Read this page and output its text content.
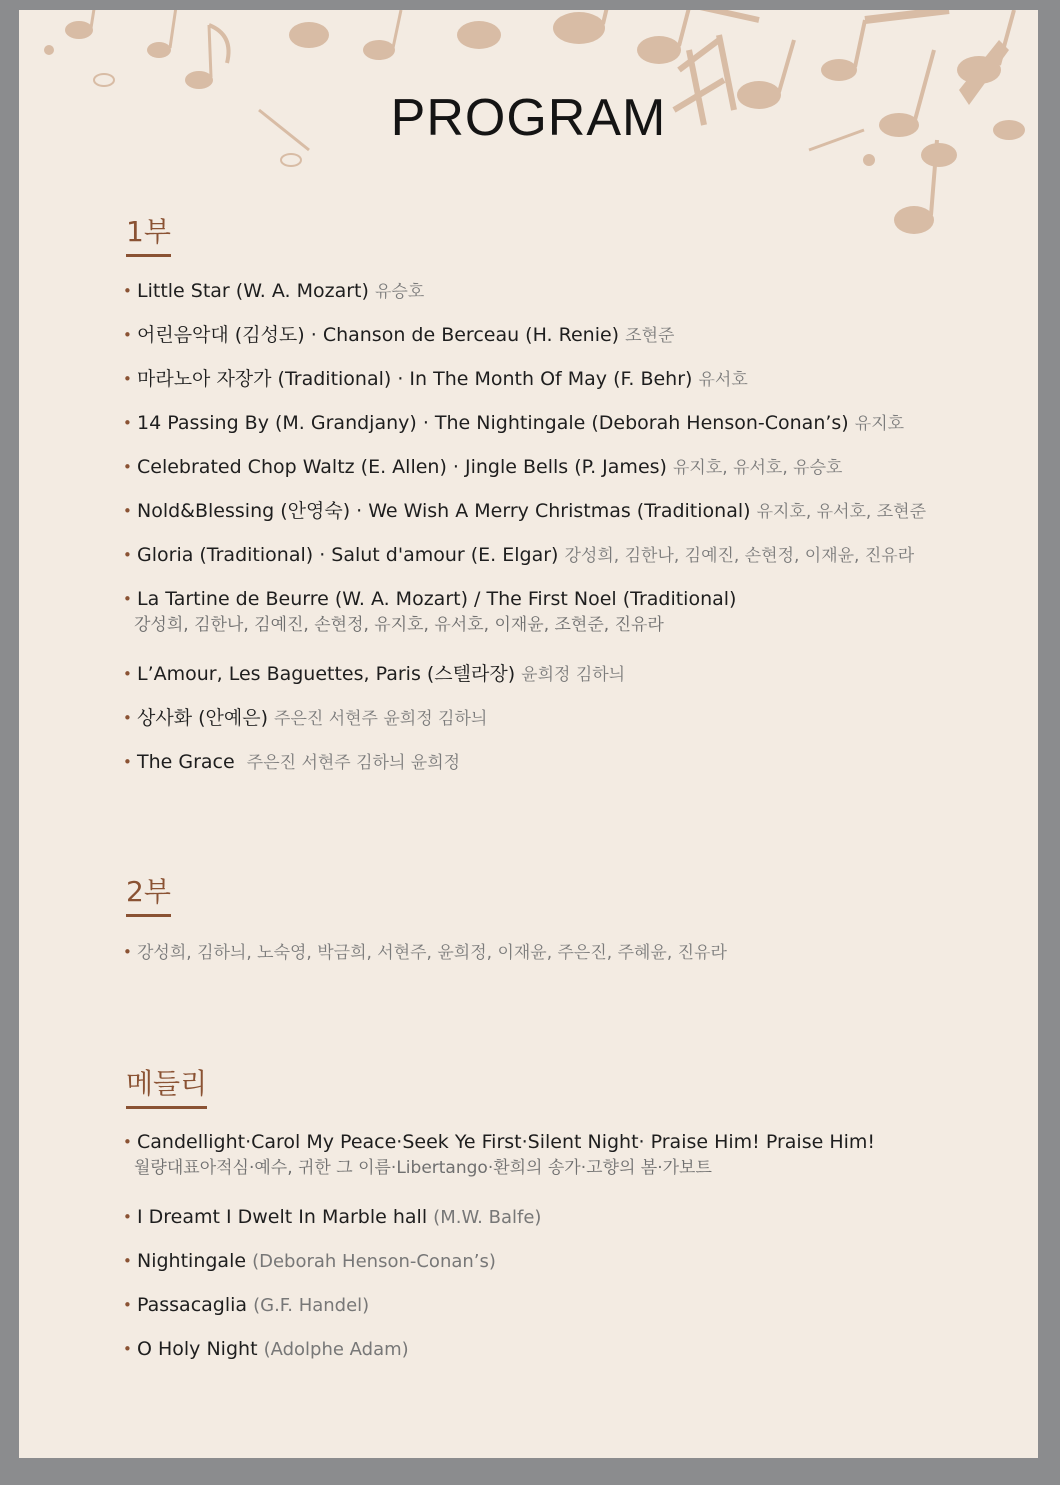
PROGRAM
1부
• Little Star (W. A. Mozart) 유승호
• 어린음악대 (김성도) · Chanson de Berceau (H. Renie) 조현준
• 마라노아 자장가 (Traditional) · In The Month Of May (F. Behr) 유서호
• 14 Passing By (M. Grandjany) · The Nightingale (Deborah Henson-Conan’s) 유지호
• Celebrated Chop Waltz (E. Allen) · Jingle Bells (P. James) 유지호, 유서호, 유승호
• Nold&Blessing (안영숙) · We Wish A Merry Christmas (Traditional) 유지호, 유서호, 조현준
• Gloria (Traditional) · Salut d'amour (E. Elgar) 강성희, 김한나, 김예진, 손현정, 이재윤, 진유라
• La Tartine de Beurre (W. A. Mozart) / The First Noel (Traditional)
강성희, 김한나, 김예진, 손현정, 유지호, 유서호, 이재윤, 조현준, 진유라
• L’Amour, Les Baguettes, Paris (스텔라장) 윤희정 김하늬
• 상사화 (안예은) 주은진 서현주 윤희정 김하늬
• The Grace 주은진 서현주 김하늬 윤희정
2부
• 강성희, 김하늬, 노숙영, 박금희, 서현주, 윤희정, 이재윤, 주은진, 주혜윤, 진유라
메들리
• Candellight·Carol My Peace·Seek Ye First·Silent Night· Praise Him! Praise Him!
월량대표아적심·예수, 귀한 그 이름·Libertango·환희의 송가·고향의 봄·가보트
• I Dreamt I Dwelt In Marble hall (M.W. Balfe)
• Nightingale (Deborah Henson-Conan’s)
• Passacaglia (G.F. Handel)
• O Holy Night (Adolphe Adam)
